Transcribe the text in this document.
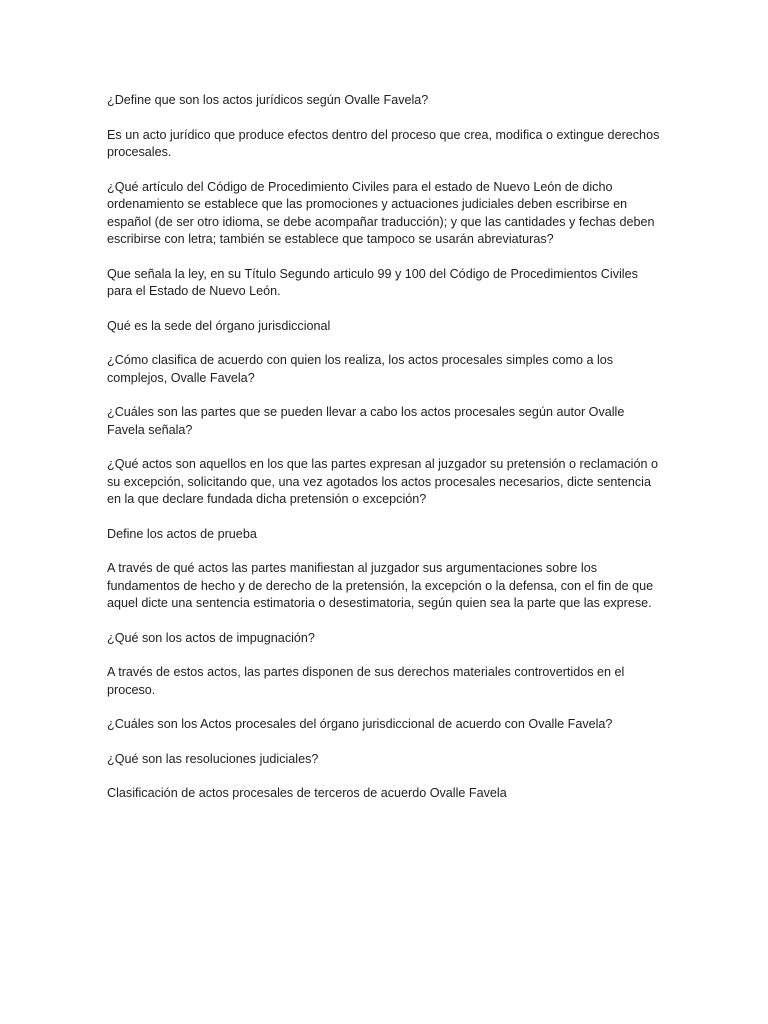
¿Define que son los actos jurídicos según Ovalle Favela?

Es un acto jurídico que produce efectos dentro del proceso que crea, modifica o extingue derechos procesales.

¿Qué artículo del Código de Procedimiento Civiles para el estado de Nuevo León de dicho ordenamiento se establece que las promociones y actuaciones judiciales deben escribirse en español (de ser otro idioma, se debe acompañar traducción); y que las cantidades y fechas deben escribirse con letra; también se establece que tampoco se usarán abreviaturas?

Que señala la ley, en su Título Segundo articulo 99 y 100 del Código de Procedimientos Civiles para el Estado de Nuevo León.

Qué es la sede del órgano jurisdiccional

¿Cómo clasifica de acuerdo con quien los realiza, los actos procesales simples como a los complejos, Ovalle Favela?

¿Cuáles son las partes que se pueden llevar a cabo los actos procesales según autor Ovalle Favela señala?

¿Qué actos son aquellos en los que las partes expresan al juzgador su pretensión o reclamación o su excepción, solicitando que, una vez agotados los actos procesales necesarios, dicte sentencia en la que declare fundada dicha pretensión o excepción?

Define los actos de prueba

A través de qué actos las partes manifiestan al juzgador sus argumentaciones sobre los fundamentos de hecho y de derecho de la pretensión, la excepción o la defensa, con el fin de que aquel dicte una sentencia estimatoria o desestimatoria, según quien sea la parte que las exprese.

¿Qué son los actos de impugnación?

A través de estos actos, las partes disponen de sus derechos materiales controvertidos en el proceso.

¿Cuáles son los Actos procesales del órgano jurisdiccional de acuerdo con Ovalle Favela?

¿Qué son las resoluciones judiciales?

Clasificación de actos procesales de terceros de acuerdo Ovalle Favela
